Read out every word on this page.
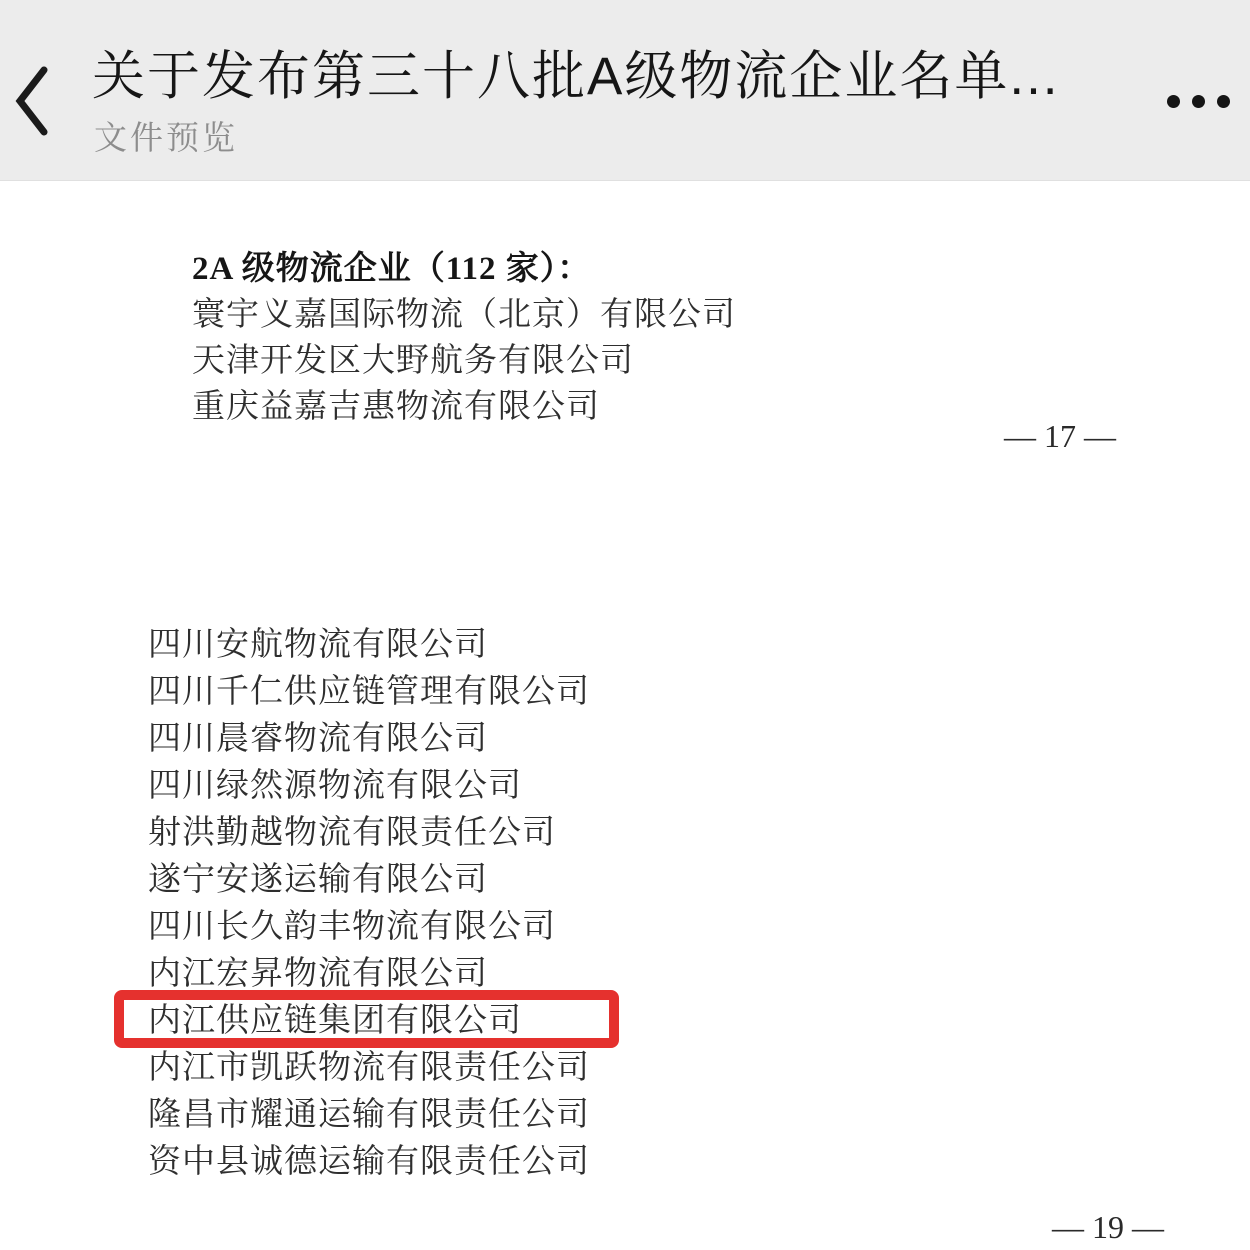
关于发布第三十八批A级物流企业名单...
文件预览
2A 级物流企业（112 家）：
寰宇义嘉国际物流（北京）有限公司
天津开发区大野航务有限公司
重庆益嘉吉惠物流有限公司
— 17 —
四川安航物流有限公司
四川千仁供应链管理有限公司
四川晨睿物流有限公司
四川绿然源物流有限公司
射洪勤越物流有限责任公司
遂宁安遂运输有限公司
四川长久韵丰物流有限公司
内江宏昇物流有限公司
内江供应链集团有限公司
内江市凯跃物流有限责任公司
隆昌市耀通运输有限责任公司
资中县诚德运输有限责任公司
— 19 —
